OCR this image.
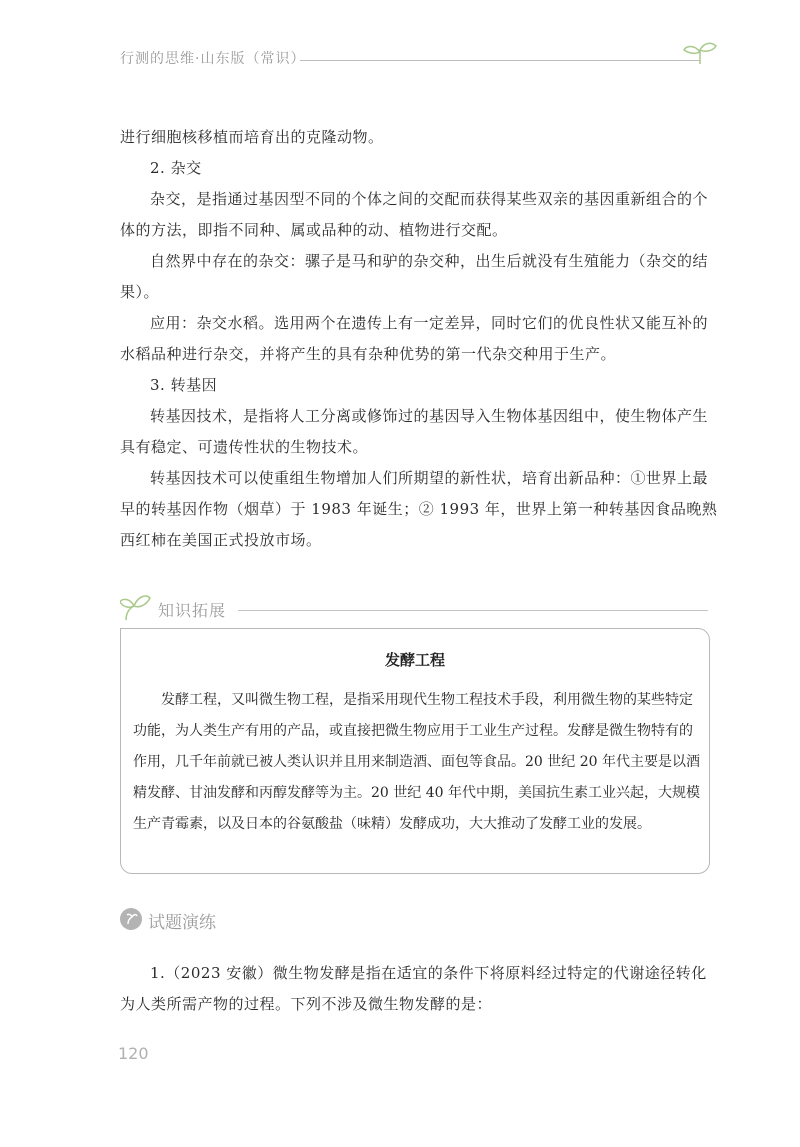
行测的思维·山东版（常识）

进行细胞核移植而培育出的克隆动物。

2. 杂交

杂交，是指通过基因型不同的个体之间的交配而获得某些双亲的基因重新组合的个体的方法，即指不同种、属或品种的动、植物进行交配。

自然界中存在的杂交：骡子是马和驴的杂交种，出生后就没有生殖能力（杂交的结果）。

应用：杂交水稻。选用两个在遗传上有一定差异，同时它们的优良性状又能互补的水稻品种进行杂交，并将产生的具有杂种优势的第一代杂交种用于生产。

3. 转基因

转基因技术，是指将人工分离或修饰过的基因导入生物体基因组中，使生物体产生具有稳定、可遗传性状的生物技术。

转基因技术可以使重组生物增加人们所期望的新性状，培育出新品种：①世界上最早的转基因作物（烟草）于 1983 年诞生；② 1993 年，世界上第一种转基因食品晚熟西红柿在美国正式投放市场。

知识拓展
发酵工程

发酵工程，又叫微生物工程，是指采用现代生物工程技术手段，利用微生物的某些特定功能，为人类生产有用的产品，或直接把微生物应用于工业生产过程。发酵是微生物特有的作用，几千年前就已被人类认识并且用来制造酒、面包等食品。20 世纪 20 年代主要是以酒精发酵、甘油发酵和丙醇发酵等为主。20 世纪 40 年代中期，美国抗生素工业兴起，大规模生产青霉素，以及日本的谷氨酸盐（味精）发酵成功，大大推动了发酵工业的发展。

试题演练

1.（2023 安徽）微生物发酵是指在适宜的条件下将原料经过特定的代谢途径转化为人类所需产物的过程。下列不涉及微生物发酵的是：

120
